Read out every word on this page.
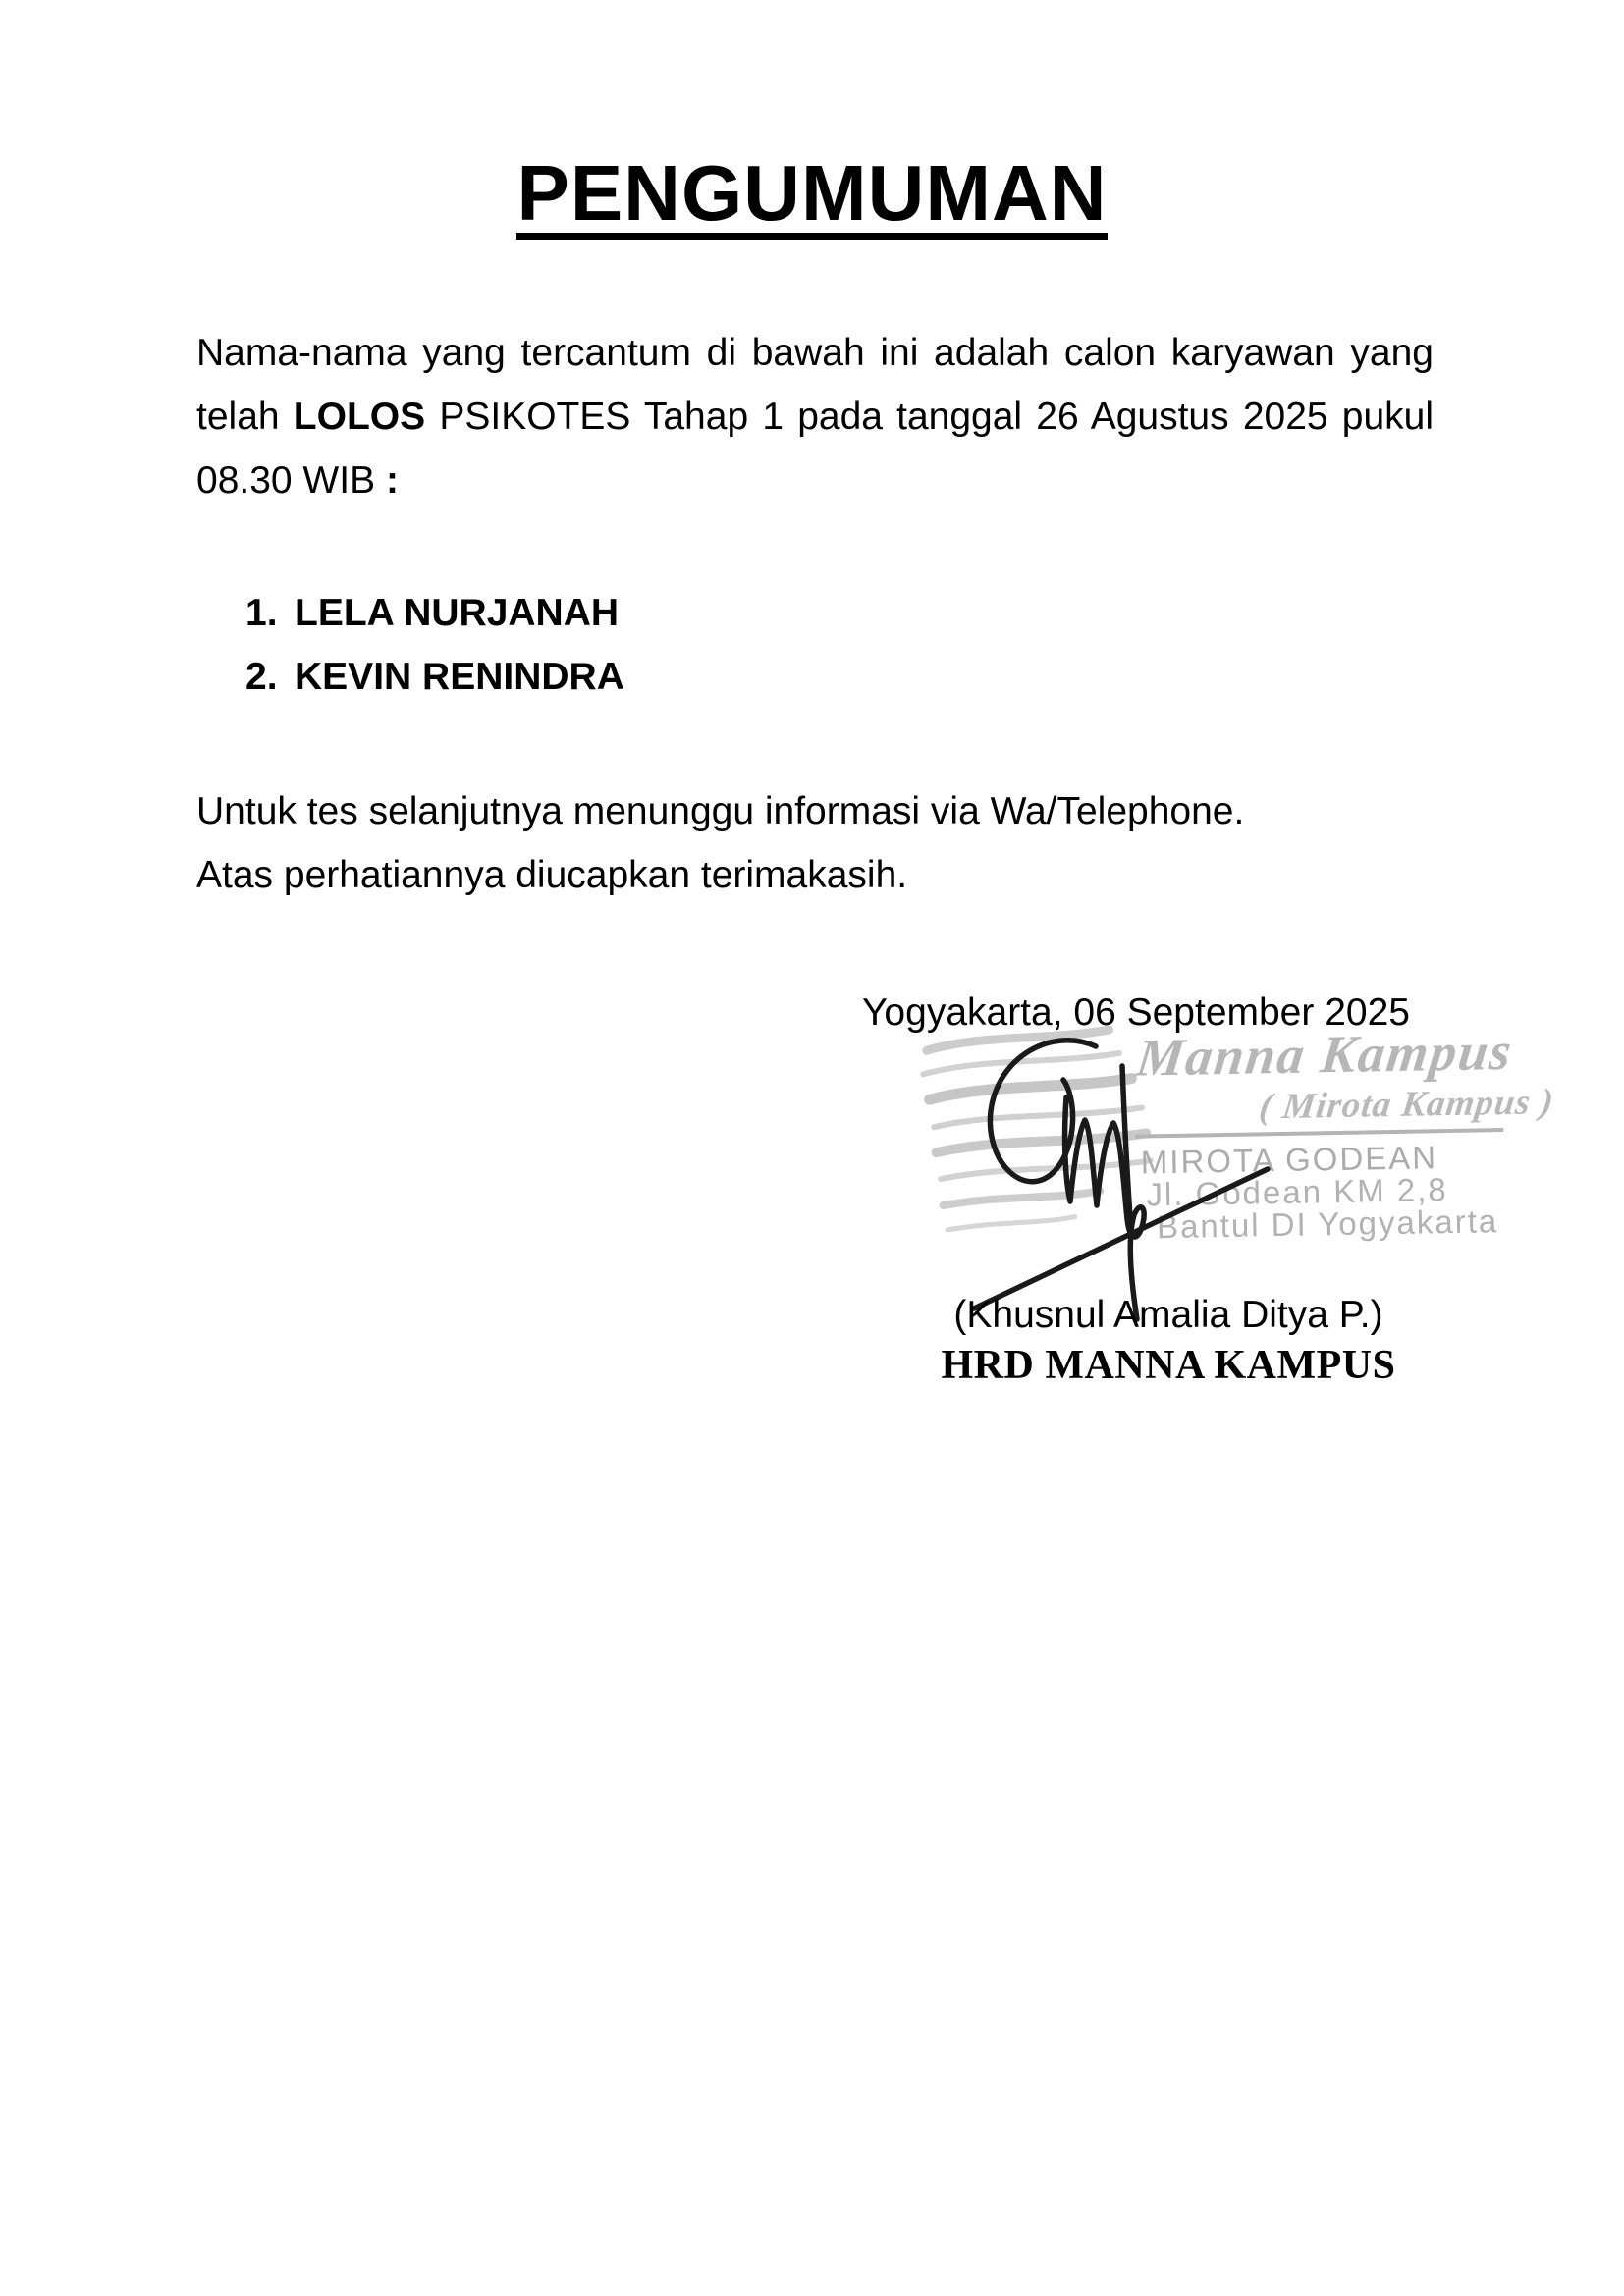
PENGUMUMAN
Nama-nama yang tercantum di bawah ini adalah calon karyawan yang
telah LOLOS PSIKOTES Tahap 1 pada tanggal 26 Agustus 2025 pukul
08.30 WIB :
1. LELA NURJANAH
2. KEVIN RENINDRA
Untuk tes selanjutnya menunggu informasi via Wa/Telephone.
Atas perhatiannya diucapkan terimakasih.
Yogyakarta, 06 September 2025
Manna Kampus
( Mirota Kampus )
MIROTA GODEAN
Jl. Godean KM 2,8
Bantul DI Yogyakarta
(Khusnul Amalia Ditya P.)
HRD MANNA KAMPUS
